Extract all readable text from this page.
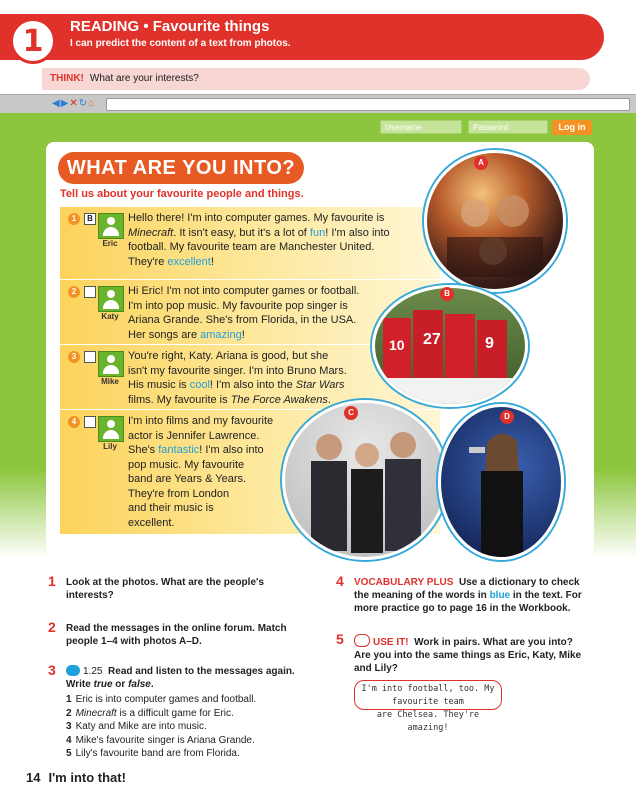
1 READING • Favourite things
I can predict the content of a text from photos.
THINK! What are your interests?
◀▶✕↻⌂
Username	Password	Log in
WHAT ARE YOU INTO?
Tell us about your favourite people and things.
1	B
Eric
Hello there! I'm into computer games. My favourite is
Minecraft. It isn't easy, but it's a lot of fun! I'm also into
football. My favourite team are Manchester United.
They're excellent!
2
Katy
Hi Eric! I'm not into computer games or football.
I'm into pop music. My favourite pop singer is
Ariana Grande. She's from Florida, in the USA.
Her songs are amazing!
3
Mike
You're right, Katy. Ariana is good, but she
isn't my favourite singer. I'm into Bruno Mars.
His music is cool! I'm also into the Star Wars
films. My favourite is The Force Awakens.
4
Lily
I'm into films and my favourite
actor is Jennifer Lawrence.
She's fantastic! I'm also into
pop music. My favourite
band are Years & Years.
They're from London
and their music is
excellent.
A
27
10	9
B
C	D
1 Look at the photos. What are the people's
interests?
2 Read the messages in the online forum. Match
people 1–4 with photos A–D.
3	1.25 Read and listen to the messages again.
Write true or false.
1 Eric is into computer games and football.
2 Minecraft is a difficult game for Eric.
3 Katy and Mike are into music.
4 Mike's favourite singer is Ariana Grande.
5 Lily's favourite band are from Florida.
4 VOCABULARY PLUS Use a dictionary to check
the meaning of the words in blue in the text. For
more practice go to page 16 in the Workbook.
5	USE IT! Work in pairs. What are you into?
Are you into the same things as Eric, Katy, Mike
and Lily?
I'm into football, too. My favourite team
are Chelsea. They're amazing!
14 I'm into that!
